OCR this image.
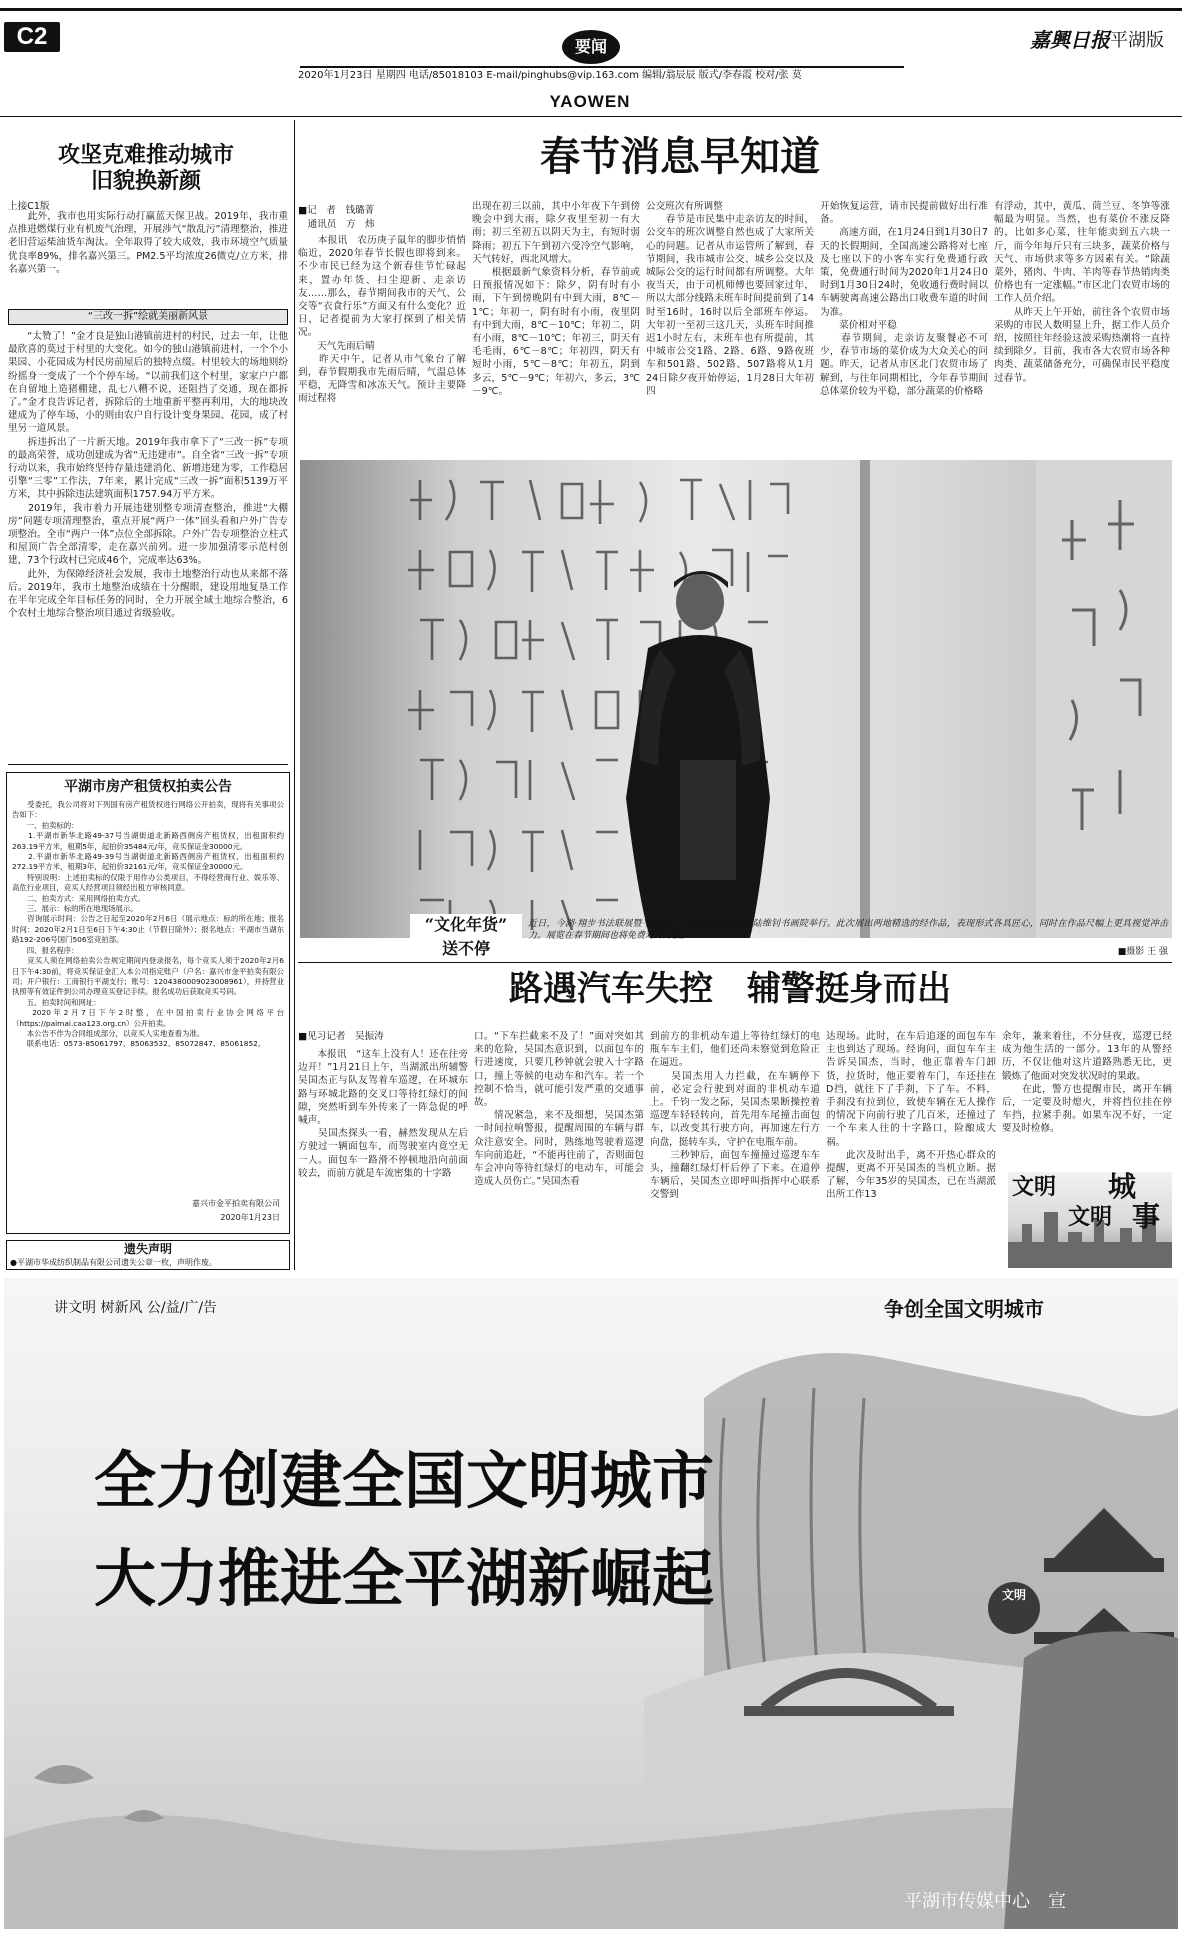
C2	要闻
2020年1月23日 星期四 电话/85018103 E-mail/pinghubs@vip.163.com 编辑/翁辰辰 版式/李春霞 校对/张 莫
YAOWEN
嘉興日报 平湖版
攻坚克难推动城市
旧貌换新颜
上接C1版
　　此外，我市也用实际行动打赢蓝天保卫战。2019年，我市重点推进燃煤行业有机废气治理，开展涉气“散乱污”清理整治，推进老旧营运柴油货车淘汰。全年取得了较大成效，我市环境空气质量优良率89%，排名嘉兴第三。PM2.5平均浓度26微克/立方米，排名嘉兴第一。
“三改一拆”绘就美丽新风景
　　“太赞了！”金才良是独山港镇前进村的村民，过去一年，让他最欣喜的莫过于村里的大变化。如今的独山港镇前进村，一个个小果园、小花园成为村民房前屋后的独特点缀。村里较大的场地则纷纷摇身一变成了一个个停车场。“以前我们这个村里，家家户户都在自留地上造猪棚建，乱七八糟不说，还阻挡了交通，现在都拆了。”金才良告诉记者，拆除后的土地重新平整再利用，大的地块改建成为了停车场，小的则由农户自行设计变身果园、花园，成了村里另一道风景。
　　拆违拆出了一片新天地。2019年我市拿下了“三改一拆”专项的最高荣誉，成功创建成为省“无违建市”。自全省“三改一拆”专项行动以来，我市始终坚持存量违建消化、新增违建为零，工作稳居引擎“三零”工作法，7年来，累计完成“三改一拆”面积5139万平方米，其中拆除违法建筑面积1757.94万平方米。
　　2019年，我市着力开展违建别整专项清查整治，推进“大棚房”问题专项清理整治，重点开展“两户一体”回头看和户外广告专项整治。全市“两户一体”点位全部拆除。户外广告专项整治立柱式和屋顶广告全部清零，走在嘉兴前列。进一步加强清零示范村创建，73个行政村已完成46个，完成率达63%。
　　此外，为保障经济社会发展，我市土地整治行动也从来都不落后。2019年，我市土地整治成绩在十分醒眼，建设用地复垦工作在半年完成全年目标任务的同时，全力开展全域土地综合整治，6个农村土地综合整治项目通过省级验收。
平湖市房产租赁权拍卖公告
　　受委托，我公司将对下列国有房产租赁权进行网络公开拍卖，现将有关事项公告如下：
　　一、拍卖标的：
　　1.平湖市新华北路49-37号当湖街道北新路西侧房产租赁权，出租面积约263.19平方米，租期5年，起拍价35484元/年，竞买保证金30000元。
　　2.平湖市新华北路49-39号当湖街道北新路西侧房产租赁权，出租面积约272.19平方米，租期3年，起拍价32161元/年，竞买保证金30000元。
　　特别说明：上述拍卖标的仅限于用作办公类项目，不得经营商行业、娱乐等、高危行业项目，竞买人经营项目须经出租方审核同意。
　　二、拍卖方式：采用网络拍卖方式。
　　三、展示：标的所在地现场展示。
　　咨询展示时间：公告之日起至2020年2月6日（展示地点：标的所在地；报名时间：2020年2月1日至6日下午4:30止（节假日除外）；报名地点：平湖市当湖东路192-206号国门506室竞拍部。
　　四、报名程序：
　　竞买人须在网络拍卖公告规定期间内登录报名，每个竞买人须于2020年2月6日下午4:30前，将竞买保证金汇入本公司指定账户（户名：嘉兴市金平拍卖有限公司；开户银行：工商银行平湖支行；账号：1204380009023008961），并持营业执照等有效证件到公司办理竞买登记手续。报名成功后获取竞买号码。
　　五、拍卖时间和网址：
　　2020年2月7日下午2时整，在中国拍卖行业协会网络平台（https://paimai.caa123.org.cn）公开拍卖。
　　本公告不作为合同组成部分，以竞买人实地查看为准。
　　联系电话：0573-85061797、85063532、85072847、85061852。
嘉兴市金平拍卖有限公司
2020年1月23日
遗失声明
●平湖市华成纺织制品有限公司遗失公章一枚，声明作废。
春节消息早知道
■记　者　钱璐菁
　通讯员　方　炜
　　本报讯　农历庚子鼠年的脚步悄悄临近，2020年春节长假也即将到来。不少市民已经为这个新春佳节忙碌起来，置办年货、扫尘迎新、走亲访友……那么，春节期间我市的天气、公交等“衣食行乐”方面又有什么变化？近日，记者提前为大家打探到了相关情况。
　　天气先雨后晴
　　昨天中午，记者从市气象台了解到，春节假期我市先雨后晴，气温总体平稳，无降雪和冰冻天气。预计主要降雨过程将
出现在初三以前，其中小年夜下午到傍晚会中到大雨，除夕夜里至初一有大雨；初三至初五以阴天为主，有短时弱降雨；初五下午到初六受冷空气影响，天气转好，西北风增大。
　　根据最新气象资料分析，春节前或日预报情况如下：除夕，阴有时有小雨，下午到傍晚阴有中到大雨，8℃－1℃；年初一，阴有时有小雨，夜里阴有中到大雨，8℃－10℃；年初二，阴有小雨，8℃－10℃；年初三，阴天有毛毛雨，6℃－8℃；年初四，阴天有短时小雨，5℃－8℃；年初五，阴到多云，5℃－9℃；年初六，多云，3℃－9℃。
公交班次有所调整
　　春节是市民集中走亲访友的时间，公交车的班次调整自然也成了大家所关心的问题。记者从市运管所了解到，春节期间，我市城市公交、城乡公交以及城际公交的运行时间都有所调整。大年夜当天，由于司机师傅也要回家过年，所以大部分线路末班车时间提前到了14时至16时，16时以后全部班车停运。大年初一至初三这几天，头班车时间推迟1小时左右，末班车也有所提前，其中城市公交1路、2路、6路、9路夜班车和501路、502路、507路将从1月24日除夕夜开始停运，1月28日大年初四
开始恢复运营，请市民提前做好出行准备。
　　高速方面，在1月24日到1月30日7天的长假期间，全国高速公路将对七座及七座以下的小客车实行免费通行政策，免费通行时间为2020年1月24日0时到1月30日24时，免收通行费时间以车辆驶离高速公路出口收费车道的时间为准。
　　菜价相对平稳
　　春节期间，走亲访友聚餐必不可少，春节市场的菜价成为大众关心的问题。昨天，记者从市区北门农贸市场了解到，与往年同期相比，今年春节期间总体菜价较为平稳，部分蔬菜的价格略
有浮动，其中，黄瓜、茼兰豆、冬笋等涨幅最为明显。当然，也有菜价不涨反降的，比如多心菜，往年能卖到五六块一斤，而今年每斤只有三块多，蔬菜价格与天气、市场供求等多方因素有关。“除蔬菜外，猪肉、牛肉、羊肉等春节热销肉类价格也有一定涨幅。”市区北门农贸市场的工作人员介绍。
　　从昨天上午开始，前往各个农贸市场采购的市民人数明显上升，据工作人员介绍，按照往年经验这波采购热潮将一直持续到除夕。目前，我市各大农贸市场各种肉类、蔬菜储备充分，可确保市民平稳度过春节。
“文化年货”
送不停
近日，今湖·翔步书法联展暨平湖第十一届书法大展在市陆维钊书画院举行。此次展出两地精选的经作品，表现形式各具匠心，同时在作品尺幅上更具视觉冲击力。展览在春节期间也将免费对外开放。
■摄影 王 强
路遇汽车失控　辅警挺身而出
■见习记者　吴振涛
　　本报讯　“这车上没有人！还在往旁边开！”1月21日上午，当湖派出所辅警吴国杰正与队友驾着车巡逻，在环城东路与环城北路的交叉口等待红绿灯的间隙，突然听到车外传来了一阵急促的呼喊声。
　　吴国杰探头一看，赫然发现从左后方驶过一辆面包车，而驾驶室内竟空无一人。面包车一路滑不停顿地沿向前面较去，而前方就是车流密集的十字路
口。“下车拦截来不及了！”面对突如其来的危险，吴国杰意识到，以面包车的行进速度，只要几秒钟就会驶入十字路口，撞上等候的电动车和汽车。若一个控制不恰当，就可能引发严重的交通事故。
　　情况紧急，来不及细想，吴国杰第一时间拉响警报，提醒周围的车辆与群众注意安全。同时，熟练地驾驶着巡逻车向前追赶，“不能再往前了，否则面包车会冲向等待红绿灯的电动车，可能会造成人员伤亡。”吴国杰看
到前方的非机动车道上等待红绿灯的电瓶车车主们，他们还尚未察觉到危险正在逼近。
　　吴国杰用人力拦截，在车辆停下前，必定会行驶到对面的非机动车道上。千钧一发之际，吴国杰果断操控着巡逻车轻轻转向，首先用车尾撞击面包车，以改变其行驶方向，再加速左行方向盘，挺转车头，守护在电瓶车前。
　　三秒钟后，面包车撞撞过巡逻车车头，撞翻红绿灯杆后停了下来。在道停车辆后，吴国杰立即呼叫指挥中心联系交警到
达现场。此时，在车后追逐的面包车车主也到达了现场。经询问，面包车车主告诉吴国杰，当时，他正靠着车门卸货，拉货时，他正要着车门，车还挂在D挡，就往下了手刹，下了车。不料，手刹没有拉到位，致使车辆在无人操作的情况下向前行驶了几百米，还撞过了一个车来人往的十字路口，险酿成大祸。
　　此次及时出手，离不开热心群众的提醒，更离不开吴国杰的当机立断。据了解，今年35岁的吴国杰，已在当湖派出所工作13
余年，兼来着往，不分昼夜，巡逻已经成为他生活的一部分。13年的从警经历，不仅让他对这片道路熟悉无比，更锻炼了他面对突发状况时的果敢。
　　在此，警方也提醒市民，离开车辆后，一定要及时熄火，并将挡位挂在停车挡，拉紧手刹。如果车况不好，一定要及时检修。
文明 城
文明 事
讲文明 树新风 公/益/广/告	争创全国文明城市
全力创建全国文明城市
大力推进全平湖新崛起	文明
平湖市传媒中心　宣
